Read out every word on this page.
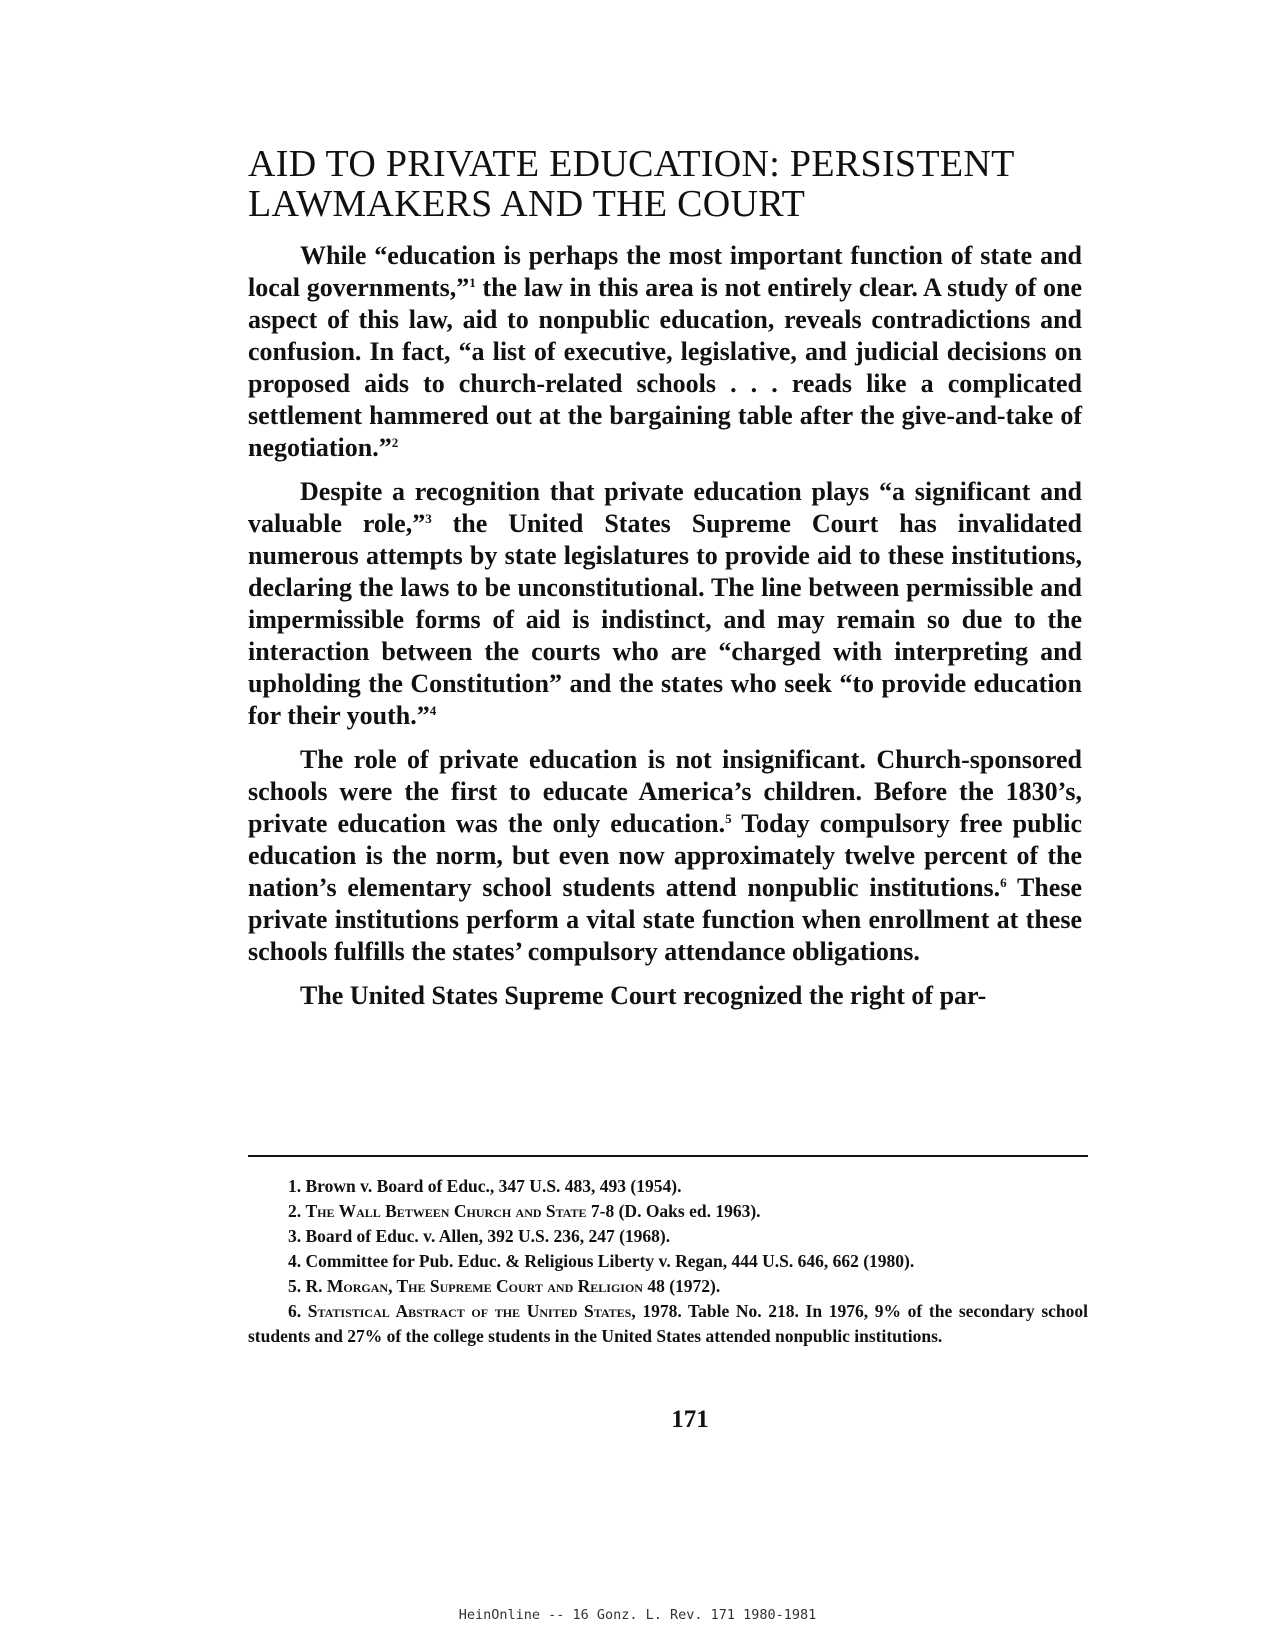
AID TO PRIVATE EDUCATION: PERSISTENT LAWMAKERS AND THE COURT

While “education is perhaps the most important function of state and local governments,”$^1$ the law in this area is not entirely clear. A study of one aspect of this law, aid to nonpublic education, reveals contradictions and confusion. In fact, “a list of executive, legislative, and judicial decisions on proposed aids to church-related schools . . . reads like a complicated settlement hammered out at the bargaining table after the give-and-take of negotiation.”$^2$

Despite a recognition that private education plays “a significant and valuable role,”$^3$ the United States Supreme Court has invalidated numerous attempts by state legislatures to provide aid to these institutions, declaring the laws to be unconstitutional. The line between permissible and impermissible forms of aid is indistinct, and may remain so due to the interaction between the courts who are “charged with interpreting and upholding the Constitution” and the states who seek “to provide education for their youth.”$^4$

The role of private education is not insignificant. Church-sponsored schools were the first to educate America’s children. Before the 1830’s, private education was the only education.$^5$ Today compulsory free public education is the norm, but even now approximately twelve percent of the nation’s elementary school students attend nonpublic institutions.$^6$ These private institutions perform a vital state function when enrollment at these schools fulfills the states’ compulsory attendance obligations.

The United States Supreme Court recognized the right of par-

1. Brown v. Board of Educ., 347 U.S. 483, 493 (1954).
2. The Wall Between Church and State 7-8 (D. Oaks ed. 1963).
3. Board of Educ. v. Allen, 392 U.S. 236, 247 (1968).
4. Committee for Pub. Educ. & Religious Liberty v. Regan, 444 U.S. 646, 662 (1980).
5. R. Morgan, The Supreme Court and Religion 48 (1972).
6. Statistical Abstract of the United States, 1978. Table No. 218. In 1976, 9% of the secondary school students and 27% of the college students in the United States attended nonpublic institutions.
171
HeinOnline -- 16 Gonz. L. Rev. 171 1980-1981
